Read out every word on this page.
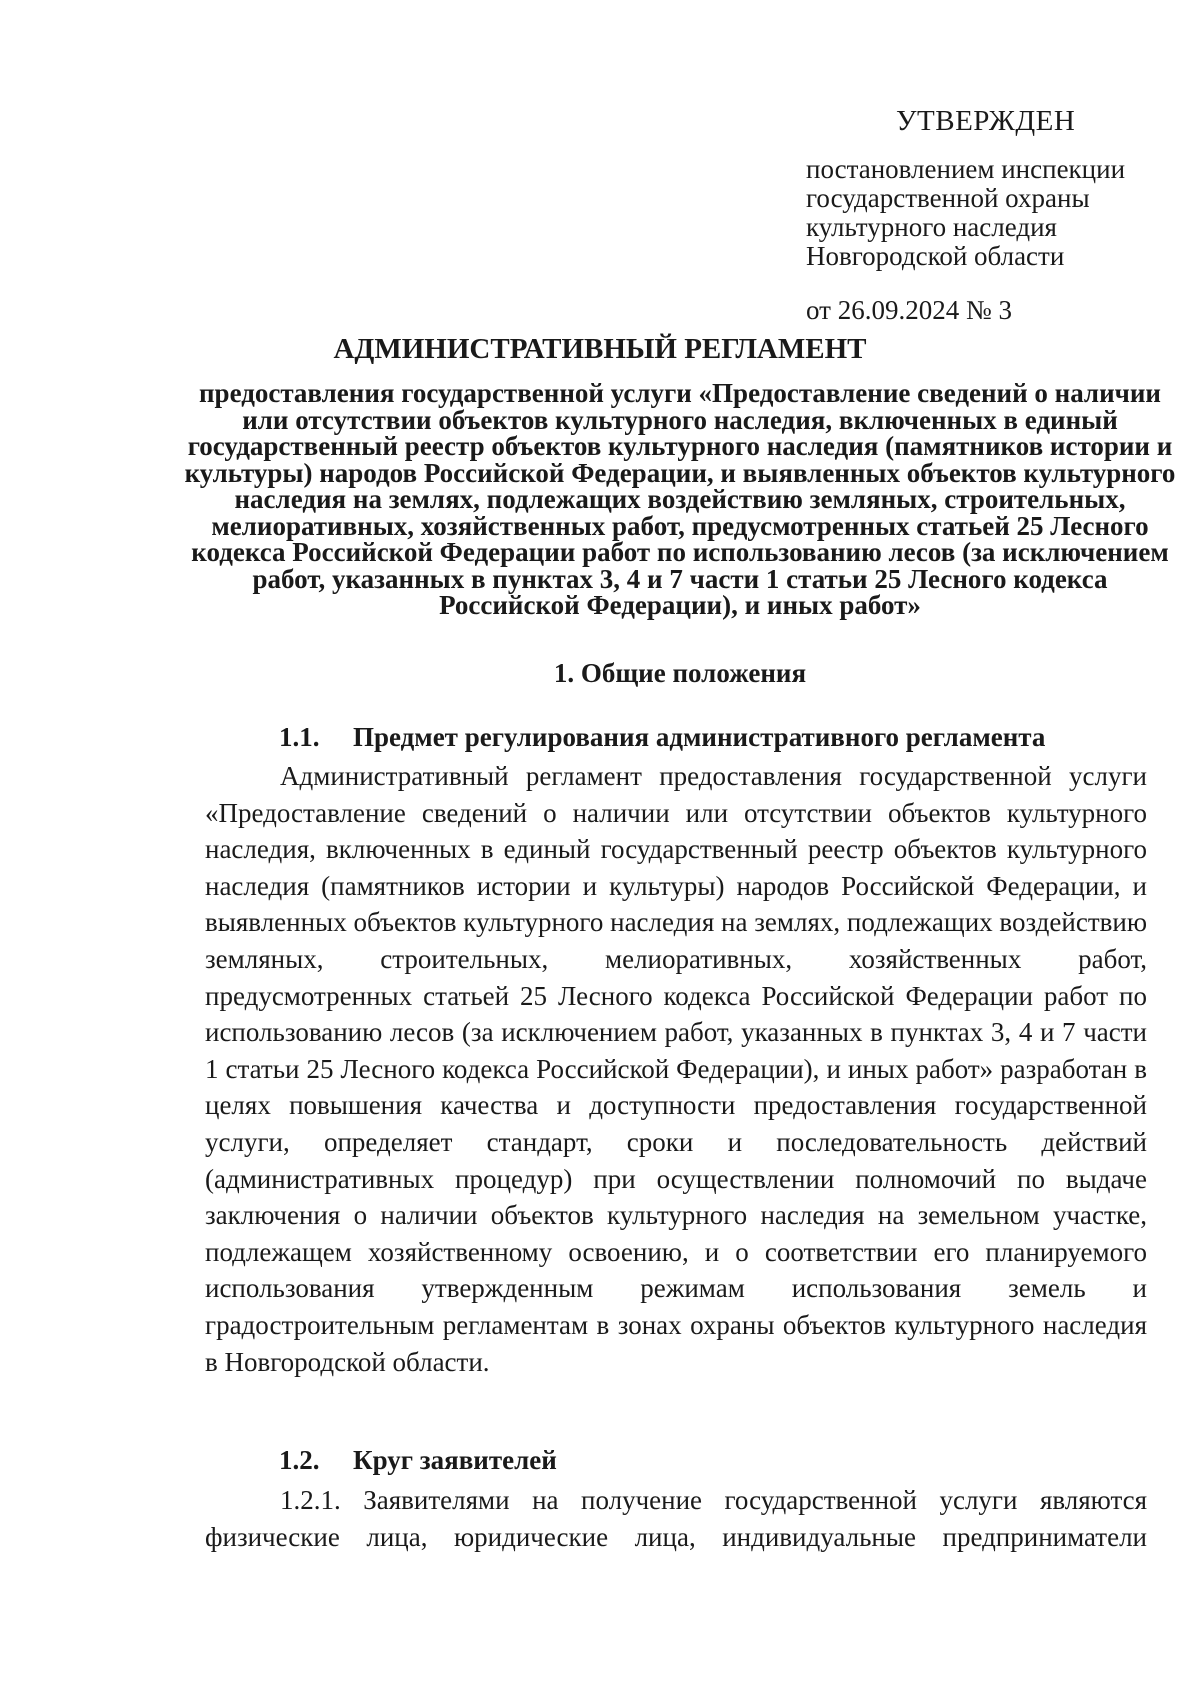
УТВЕРЖДЕН
постановлением инспекции государственной охраны культурного наследия Новгородской области
от 26.09.2024 № 3
АДМИНИСТРАТИВНЫЙ РЕГЛАМЕНТ
предоставления государственной услуги «Предоставление сведений о наличии или отсутствии объектов культурного наследия, включенных в единый государственный реестр объектов культурного наследия (памятников истории и культуры) народов Российской Федерации, и выявленных объектов культурного наследия на землях, подлежащих воздействию земляных, строительных, мелиоративных, хозяйственных работ, предусмотренных статьей 25 Лесного кодекса Российской Федерации работ по использованию лесов (за исключением работ, указанных в пунктах 3, 4 и 7 части 1 статьи 25 Лесного кодекса Российской Федерации), и иных работ»
1. Общие положения
1.1. Предмет регулирования административного регламента
Административный регламент предоставления государственной услуги «Предоставление сведений о наличии или отсутствии объектов культурного наследия, включенных в единый государственный реестр объектов культурного наследия (памятников истории и культуры) народов Российской Федерации, и выявленных объектов культурного наследия на землях, подлежащих воздействию земляных, строительных, мелиоративных, хозяйственных работ, предусмотренных статьей 25 Лесного кодекса Российской Федерации работ по использованию лесов (за исключением работ, указанных в пунктах 3, 4 и 7 части 1 статьи 25 Лесного кодекса Российской Федерации), и иных работ» разработан в целях повышения качества и доступности предоставления государственной услуги, определяет стандарт, сроки и последовательность действий (административных процедур) при осуществлении полномочий по выдаче заключения о наличии объектов культурного наследия на земельном участке, подлежащем хозяйственному освоению, и о соответствии его планируемого использования утвержденным режимам использования земель и градостроительным регламентам в зонах охраны объектов культурного наследия в Новгородской области.
1.2. Круг заявителей
1.2.1. Заявителями на получение государственной услуги являются физические лица, юридические лица, индивидуальные предприниматели
